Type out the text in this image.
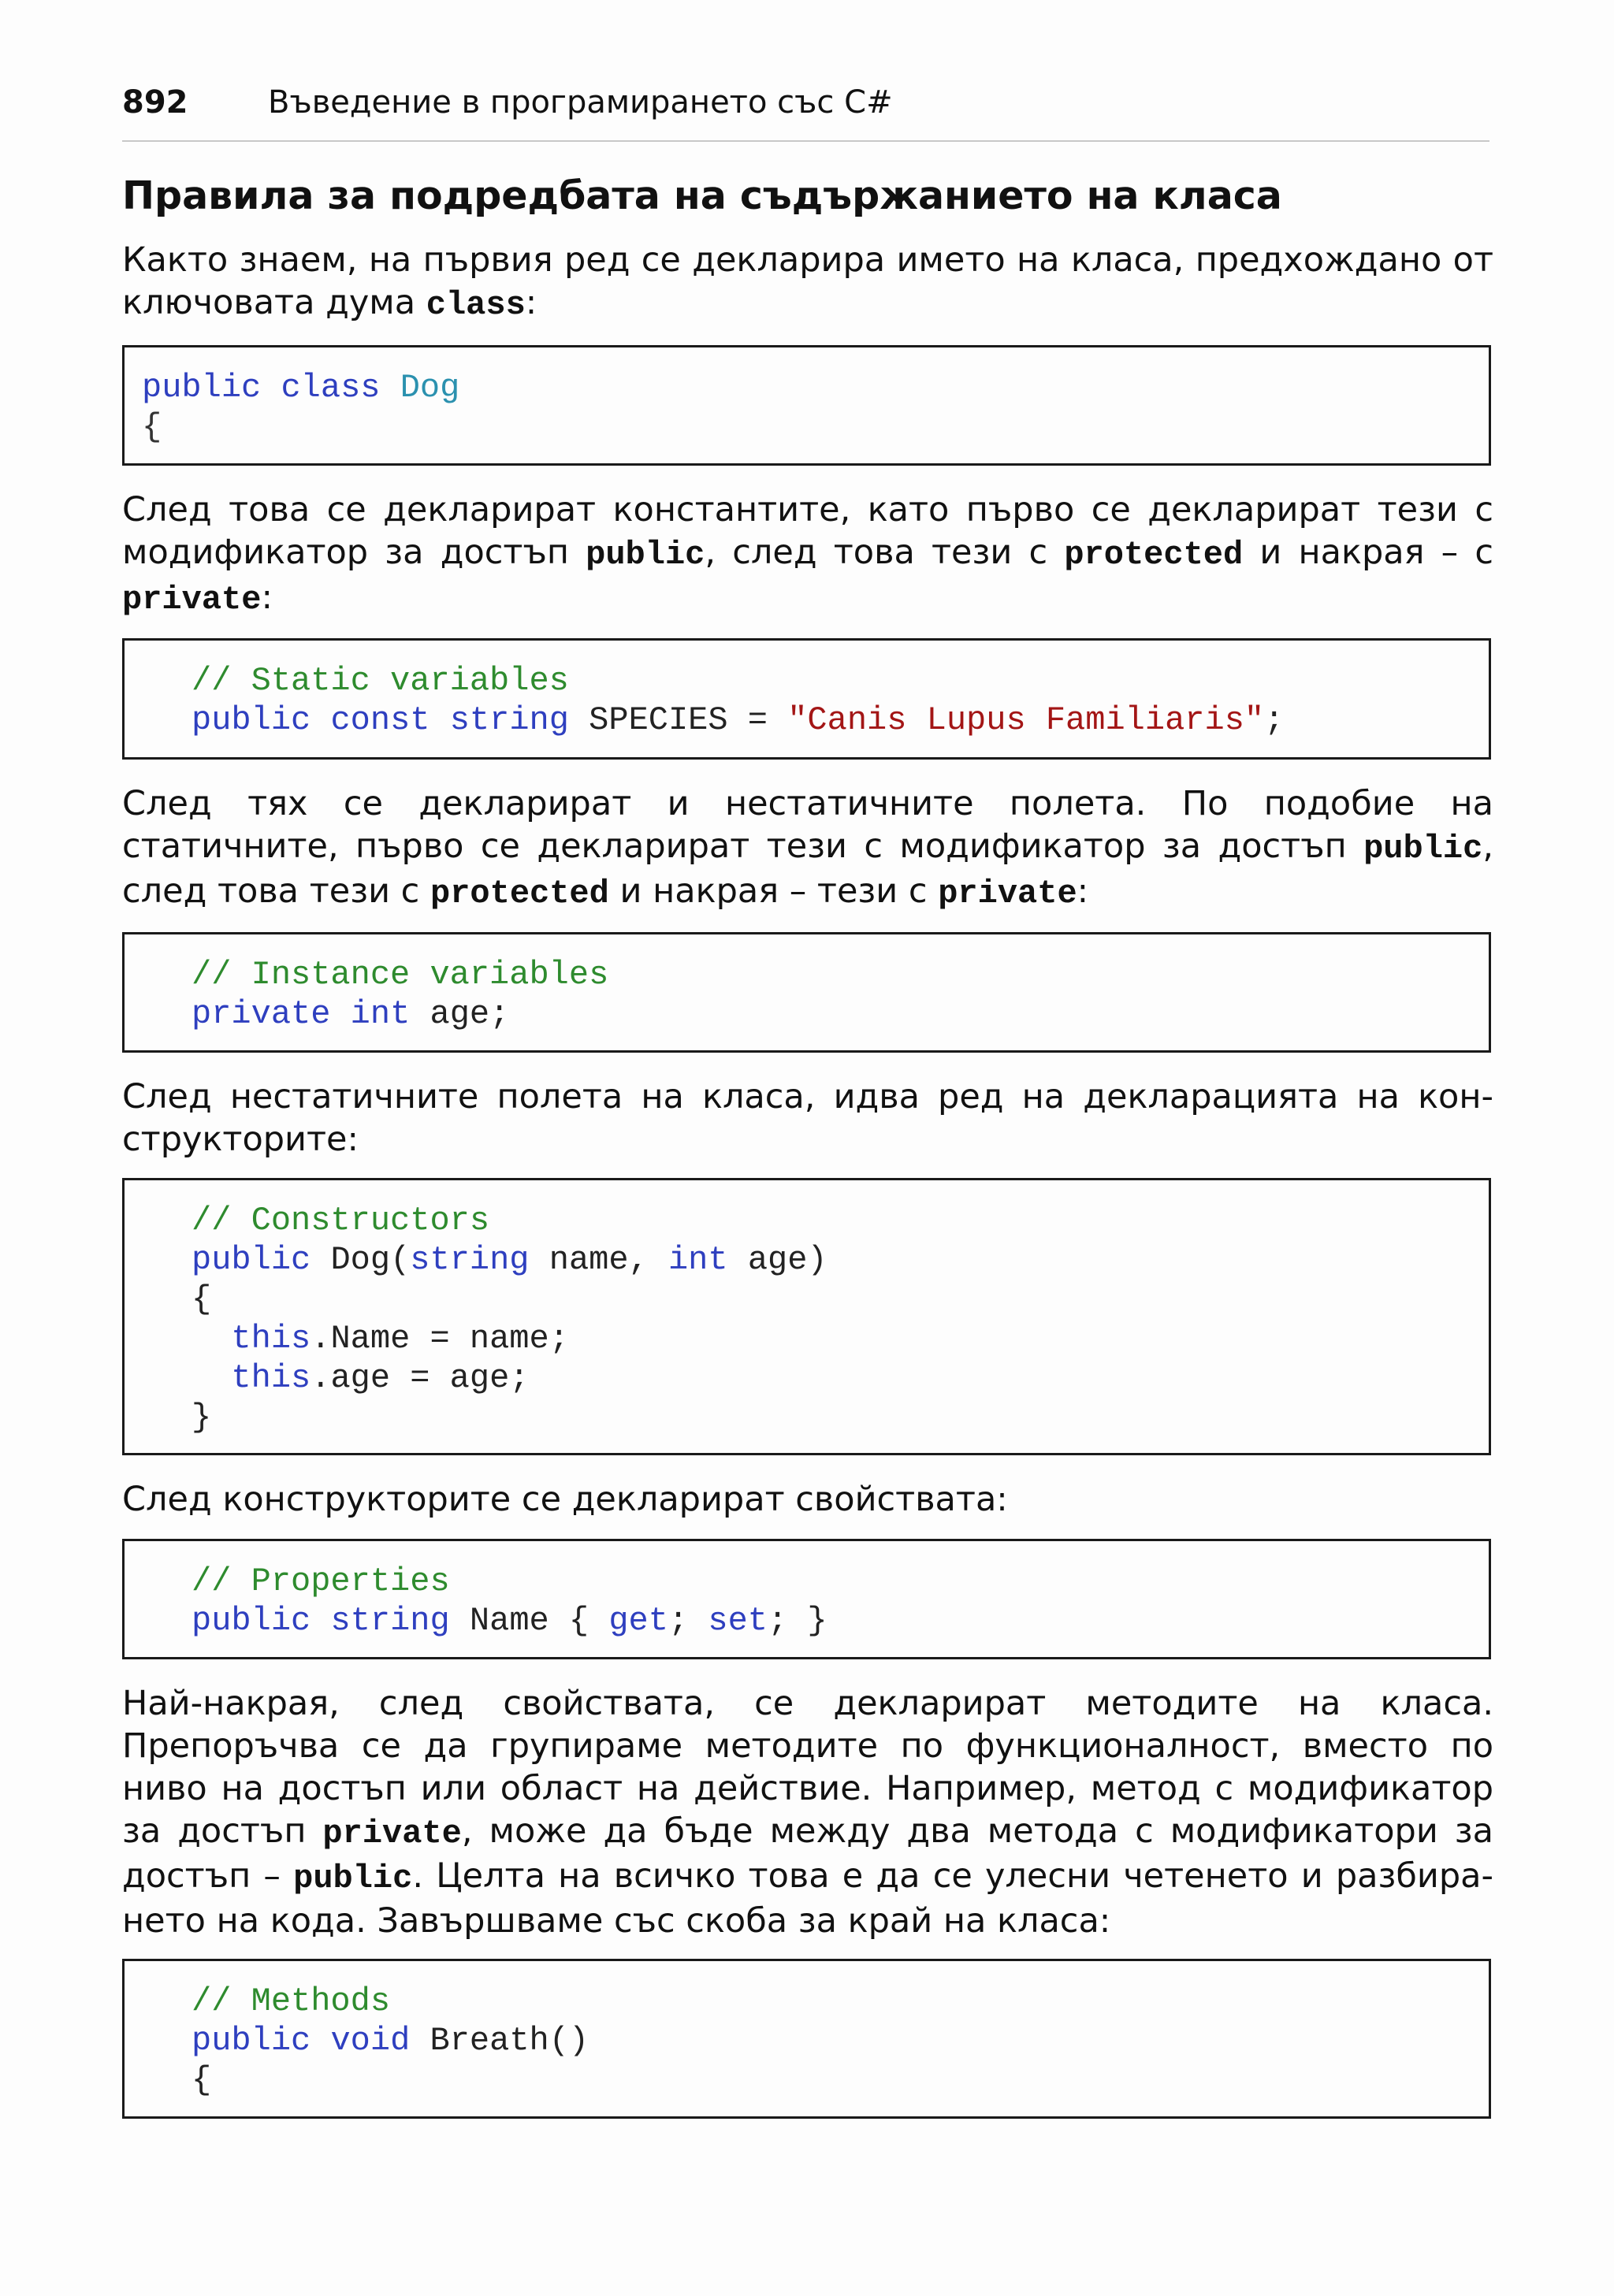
892	Въведение в програмирането със C#
Правила за подредбата на съдържанието на класа

Както знаем, на първия ред се декларира името на класа, предхождано от ключовата дума class:

public class Dog
{

След това се декларират константите, като първо се декларират тези с модификатор за достъп public, след това тези с protected и накрая – с private:

// Static variables
public const string SPECIES = "Canis Lupus Familiaris";

След тях се декларират и нестатичните полета. По подобие на статичните, първо се декларират тези с модификатор за достъп public, след това тези с protected и накрая – тези с private:

// Instance variables
private int age;

След нестатичните полета на класа, идва ред на декларацията на кон-структорите:

// Constructors
public Dog(string name, int age)
{
this.Name = name;
this.age = age;
}

След конструкторите се декларират свойствата:

// Properties
public string Name { get; set; }

Най-накрая, след свойствата, се декларират методите на класа. Препоръчва се да групираме методите по функционалност, вместо по ниво на достъп или област на действие. Например, метод с модификатор за достъп private, може да бъде между два метода с модификатори за достъп – public. Целта на всичко това е да се улесни четенето и разбира-нето на кода. Завършваме със скоба за край на класа:

// Methods
public void Breath()
{
